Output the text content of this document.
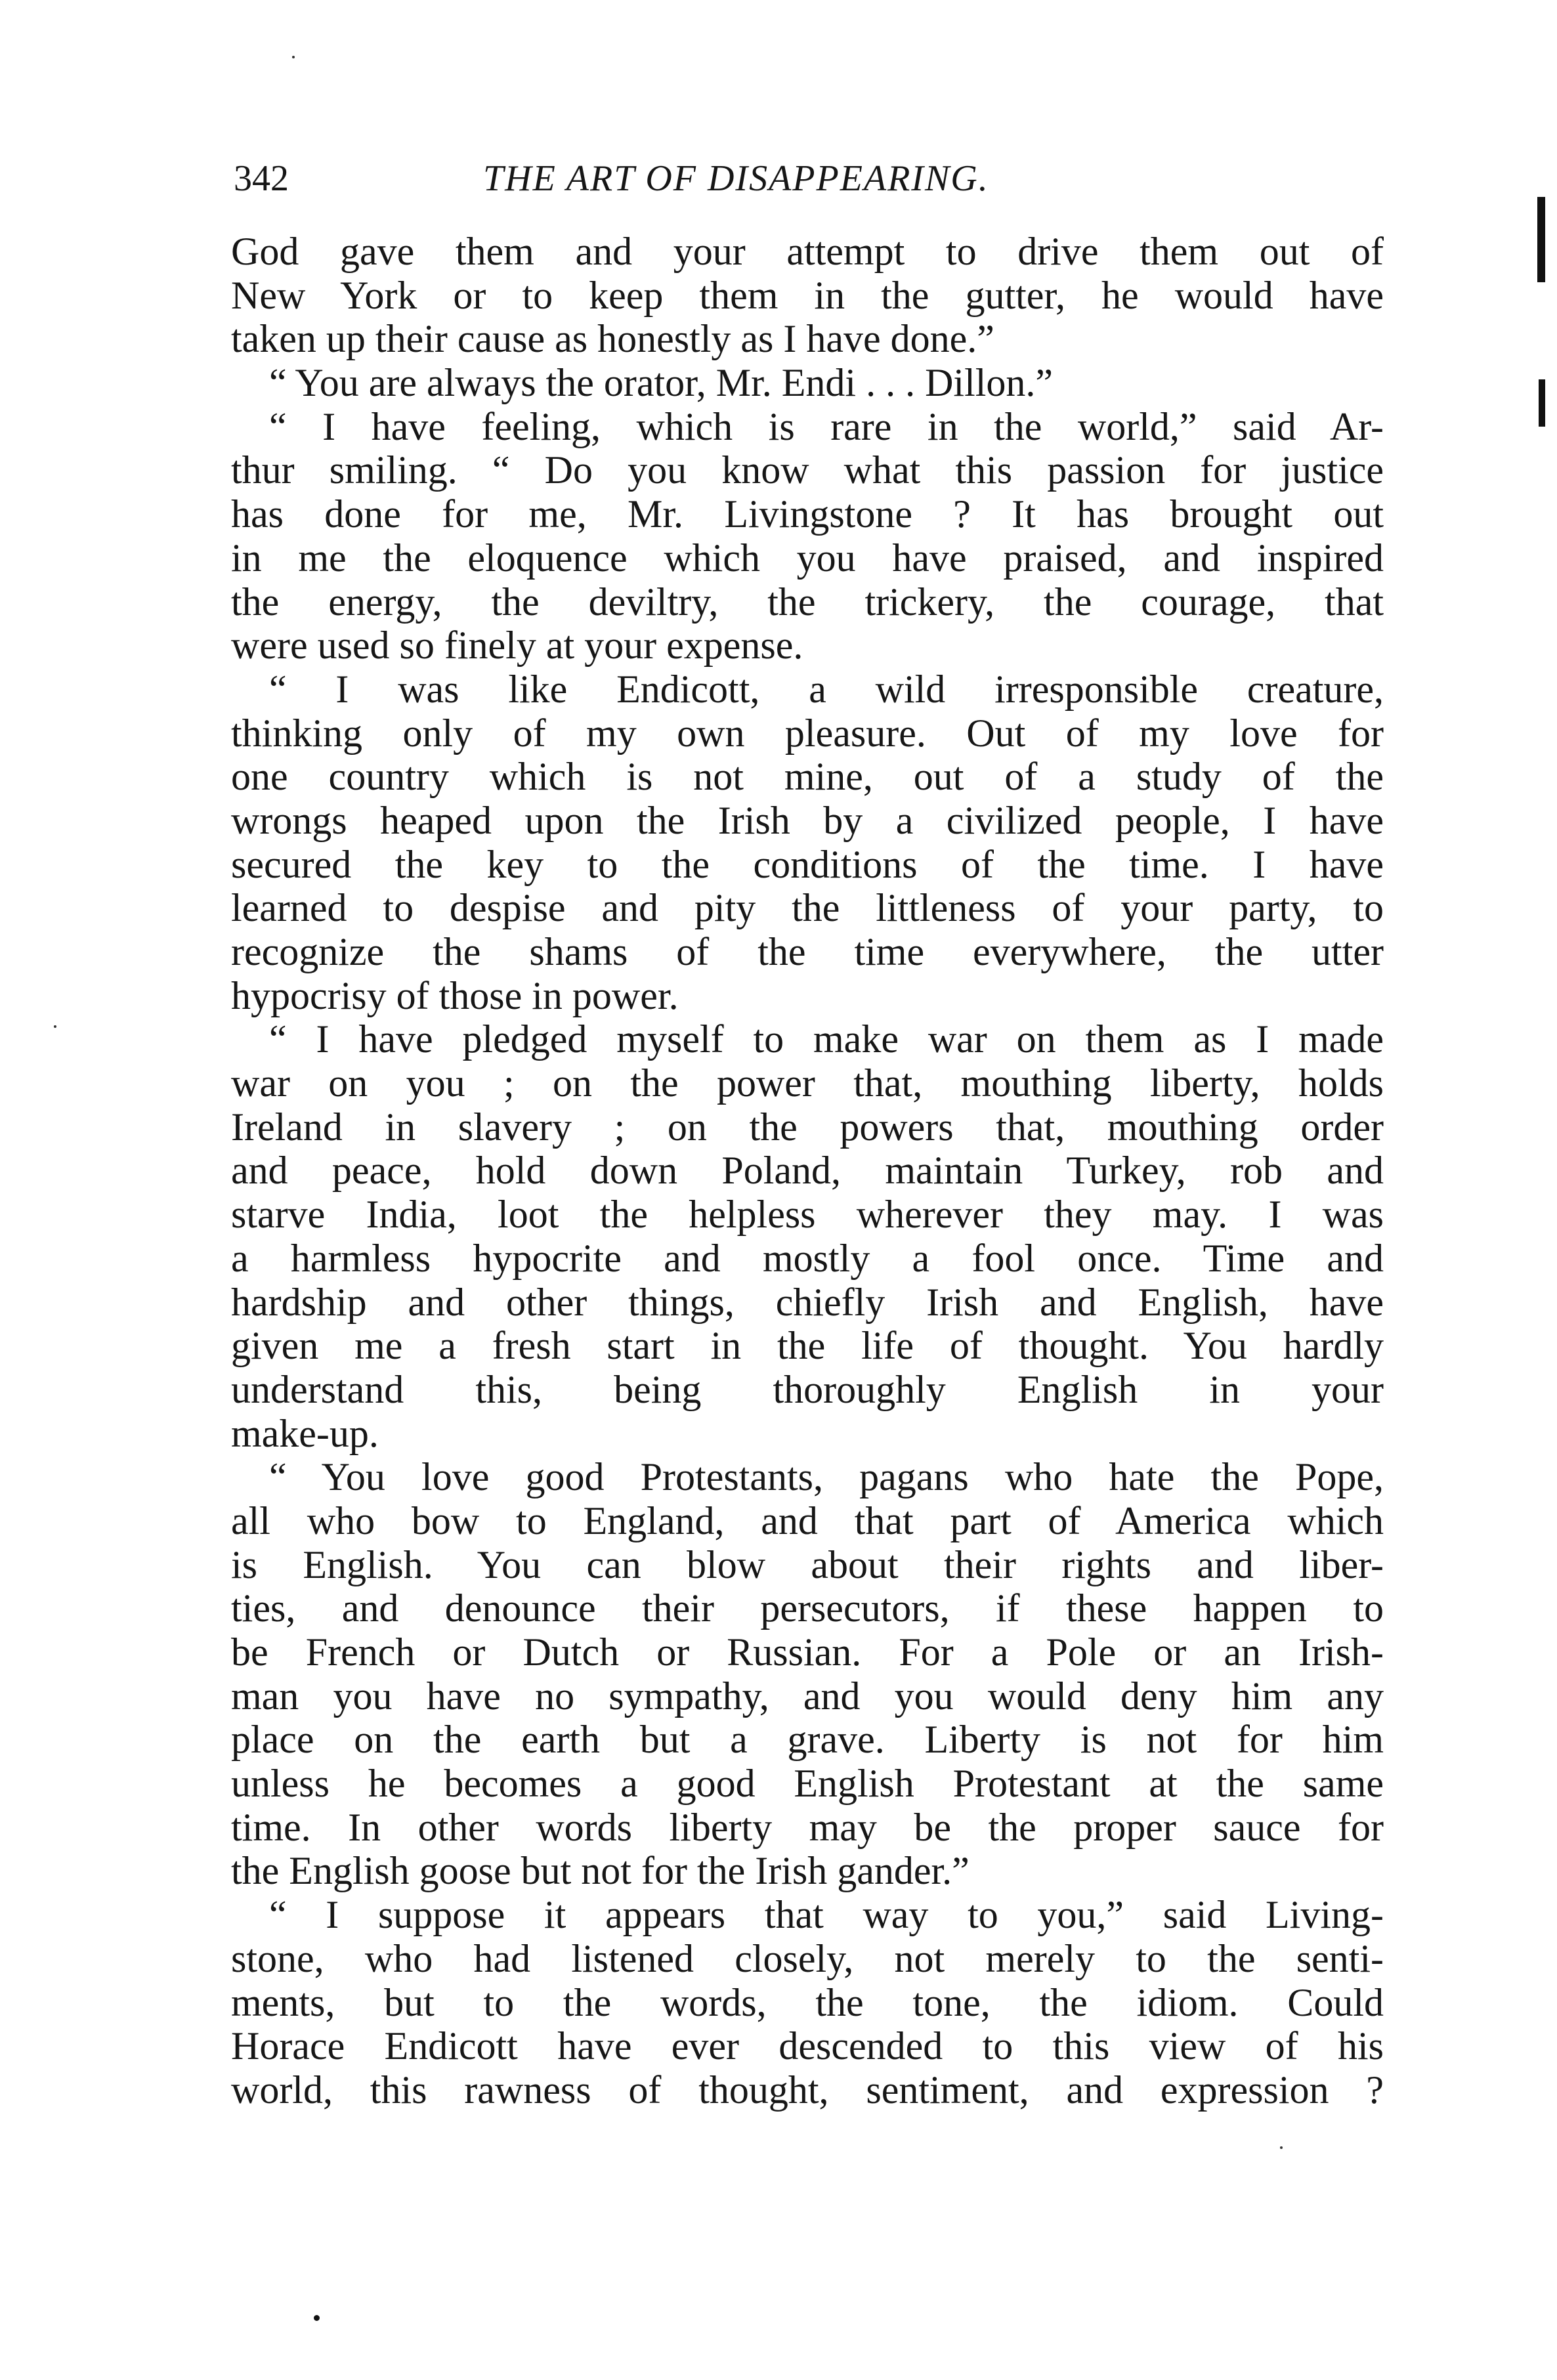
342	THE ART OF DISAPPEARING.
God gave them and your attempt to drive them out of
New York or to keep them in the gutter, he would have
taken up their cause as honestly as I have done.”
“ You are always the orator, Mr. Endi . . . Dillon.”
“ I have feeling, which is rare in the world,” said Ar-
thur smiling. “ Do you know what this passion for justice
has done for me, Mr. Livingstone ? It has brought out
in me the eloquence which you have praised, and inspired
the energy, the deviltry, the trickery, the courage, that
were used so finely at your expense.
“ I was like Endicott, a wild irresponsible creature,
thinking only of my own pleasure. Out of my love for
one country which is not mine, out of a study of the
wrongs heaped upon the Irish by a civilized people, I have
secured the key to the conditions of the time. I have
learned to despise and pity the littleness of your party, to
recognize the shams of the time everywhere, the utter
hypocrisy of those in power.
“ I have pledged myself to make war on them as I made
war on you ; on the power that, mouthing liberty, holds
Ireland in slavery ; on the powers that, mouthing order
and peace, hold down Poland, maintain Turkey, rob and
starve India, loot the helpless wherever they may. I was
a harmless hypocrite and mostly a fool once. Time and
hardship and other things, chiefly Irish and English, have
given me a fresh start in the life of thought. You hardly
understand this, being thoroughly English in your
make-up.
“ You love good Protestants, pagans who hate the Pope,
all who bow to England, and that part of America which
is English. You can blow about their rights and liber-
ties, and denounce their persecutors, if these happen to
be French or Dutch or Russian. For a Pole or an Irish-
man you have no sympathy, and you would deny him any
place on the earth but a grave. Liberty is not for him
unless he becomes a good English Protestant at the same
time. In other words liberty may be the proper sauce for
the English goose but not for the Irish gander.”
“ I suppose it appears that way to you,” said Living-
stone, who had listened closely, not merely to the senti-
ments, but to the words, the tone, the idiom. Could
Horace Endicott have ever descended to this view of his
world, this rawness of thought, sentiment, and expression ?
